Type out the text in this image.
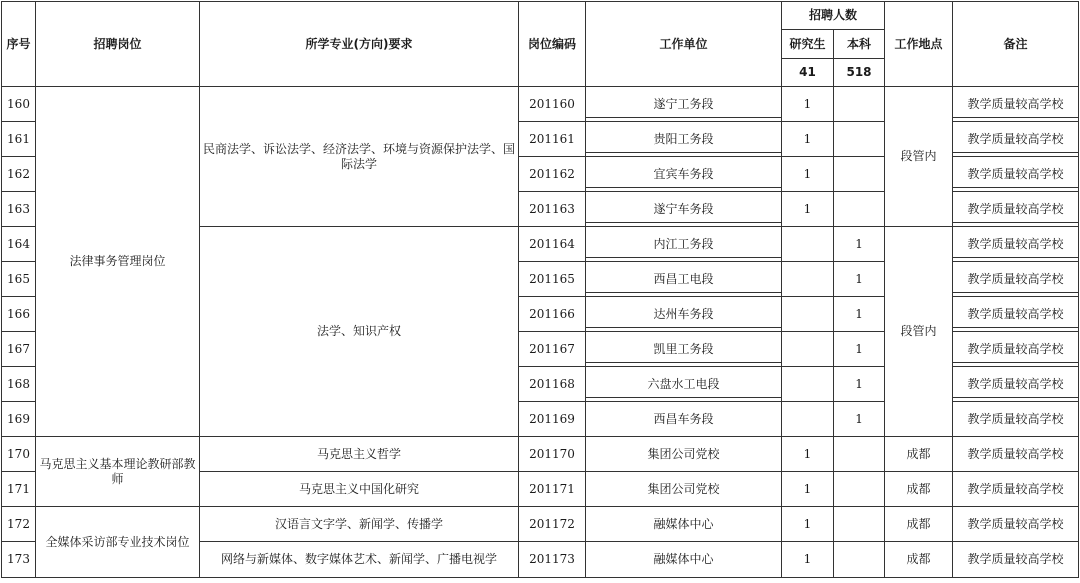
序号	招聘岗位	所学专业(方向)要求	岗位编码	工作单位	招聘人数		工作地点	备注
					研究生	本科		
					41	518		
160	法律事务管理岗位	民商法学、诉讼法学、经济法学、环境与资源保护法学、国际法学	201160	遂宁工务段	1		段管内	教学质量较高学校
161			201161	贵阳工务段	1			教学质量较高学校
162			201162	宜宾车务段	1			教学质量较高学校
163			201163	遂宁车务段	1			教学质量较高学校
164		法学、知识产权	201164	内江工务段		1	段管内	教学质量较高学校
165			201165	西昌工电段		1		教学质量较高学校
166			201166	达州车务段		1		教学质量较高学校
167			201167	凯里工务段		1		教学质量较高学校
168			201168	六盘水工电段		1		教学质量较高学校
169			201169	西昌车务段		1		教学质量较高学校
170	马克思主义基本理论教研部教师	马克思主义哲学	201170	集团公司党校	1		成都	教学质量较高学校
171		马克思主义中国化研究	201171	集团公司党校	1		成都	教学质量较高学校
172	全媒体采访部专业技术岗位	汉语言文字学、新闻学、传播学	201172	融媒体中心	1		成都	教学质量较高学校
173		网络与新媒体、数字媒体艺术、新闻学、广播电视学	201173	融媒体中心	1		成都	教学质量较高学校
